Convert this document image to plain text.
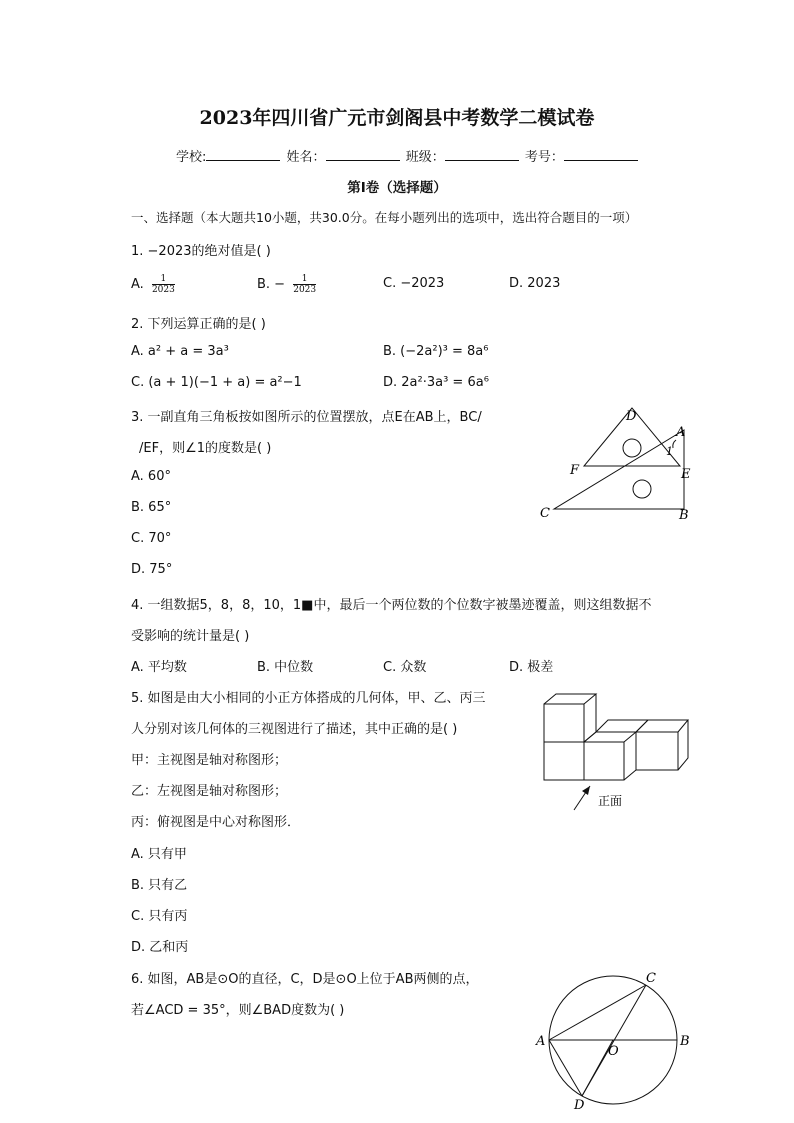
2023年四川省广元市剑阁县中考数学二模试卷
学校:	姓名：	班级：	考号：
第I卷（选择题）
一、选择题（本大题共10小题，共30.0分。在每小题列出的选项中，选出符合题目的一项）
1. −2023的绝对值是( )
A. $\frac{1}{2023}$	B. − $\frac{1}{2023}$	C. −2023	D. 2023
2. 下列运算正确的是( )
A. a² + a = 3a³	B. (−2a²)³ = 8a⁶
C. (a + 1)(−1 + a) = a²−1	D. 2a²·3a³ = 6a⁶
3. 一副直角三角板按如图所示的位置摆放，点E在AB上，BC/
/EF，则∠1的度数是( )
A. 60°
B. 65°
C. 70°
D. 75°
D
A
1
F	E
C	B
4. 一组数据5，8，8，10，1■中，最后一个两位数的个位数字被墨迹覆盖，则这组数据不
受影响的统计量是( )
A. 平均数	B. 中位数	C. 众数	D. 极差
5. 如图是由大小相同的小正方体搭成的几何体，甲、乙、丙三
人分别对该几何体的三视图进行了描述，其中正确的是( )
甲：主视图是轴对称图形；
乙：左视图是轴对称图形；
丙：俯视图是中心对称图形．
A. 只有甲
B. 只有乙
C. 只有丙
D. 乙和丙
正面
6. 如图，AB是⊙O的直径，C，D是⊙O上位于AB两侧的点，
若∠ACD = 35°，则∠BAD度数为( )
C
A
O
B
D
